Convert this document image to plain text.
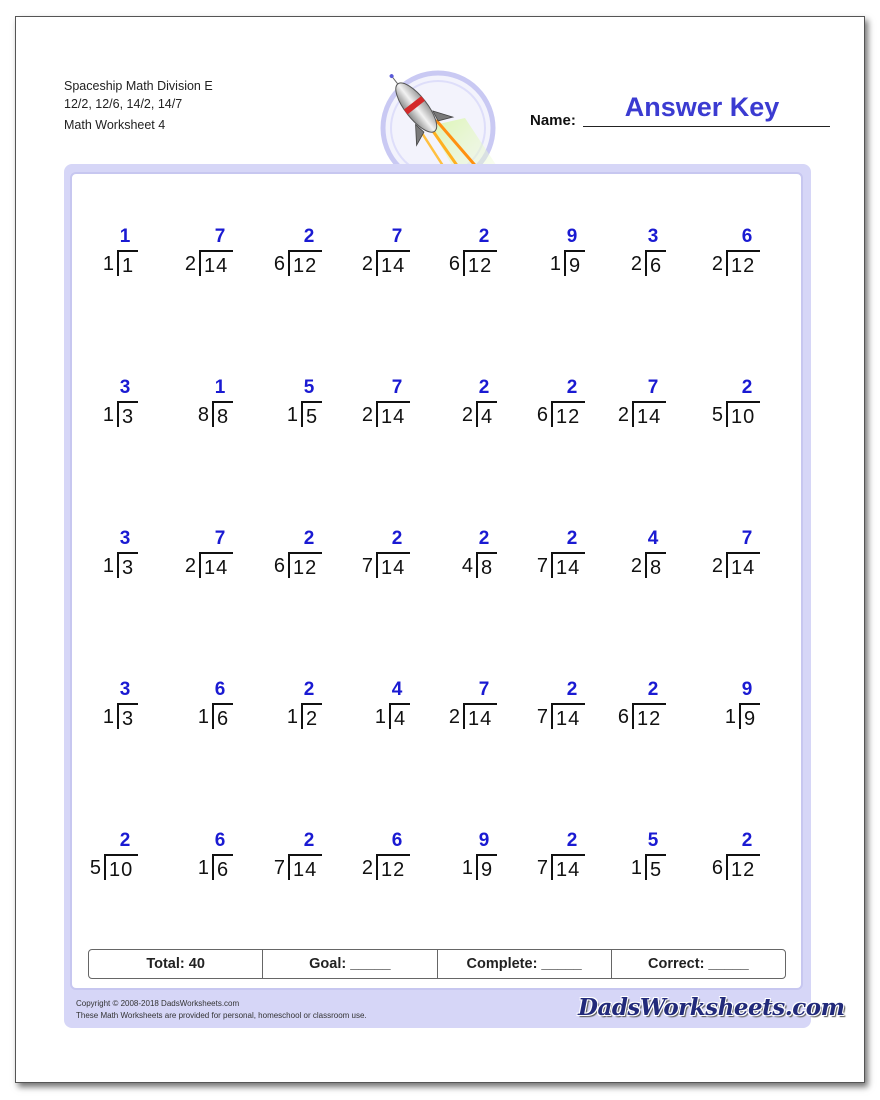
Spaceship Math Division E
12/2, 12/6, 14/2, 14/7
Math Worksheet 4	Name:	Answer Key
1
1 1
7
2 14
2
6 12
7
2 14
2
6 12
9
1 9
3
2 6
6
2 12
3
1 3
1
8 8
5
1 5
7
2 14
2
2 4
2
6 12
7
2 14
2
5 10
3
1 3
7
2 14
2
6 12
2
7 14
2
4 8
2
7 14
4
2 8
7
2 14
3
1 3
6
1 6
2
1 2
4
1 4
7
2 14
2
7 14
2
6 12
9
1 9
2
5 10
6
1 6
2
7 14
6
2 12
9
1 9
2
7 14
5
1 5
2
6 12
Total: 40	Goal: _____	Complete: _____	Correct: _____
Copyright © 2008-2018 DadsWorksheets.com
These Math Worksheets are provided for personal, homeschool or classroom use.	DadsWorksheets.com
